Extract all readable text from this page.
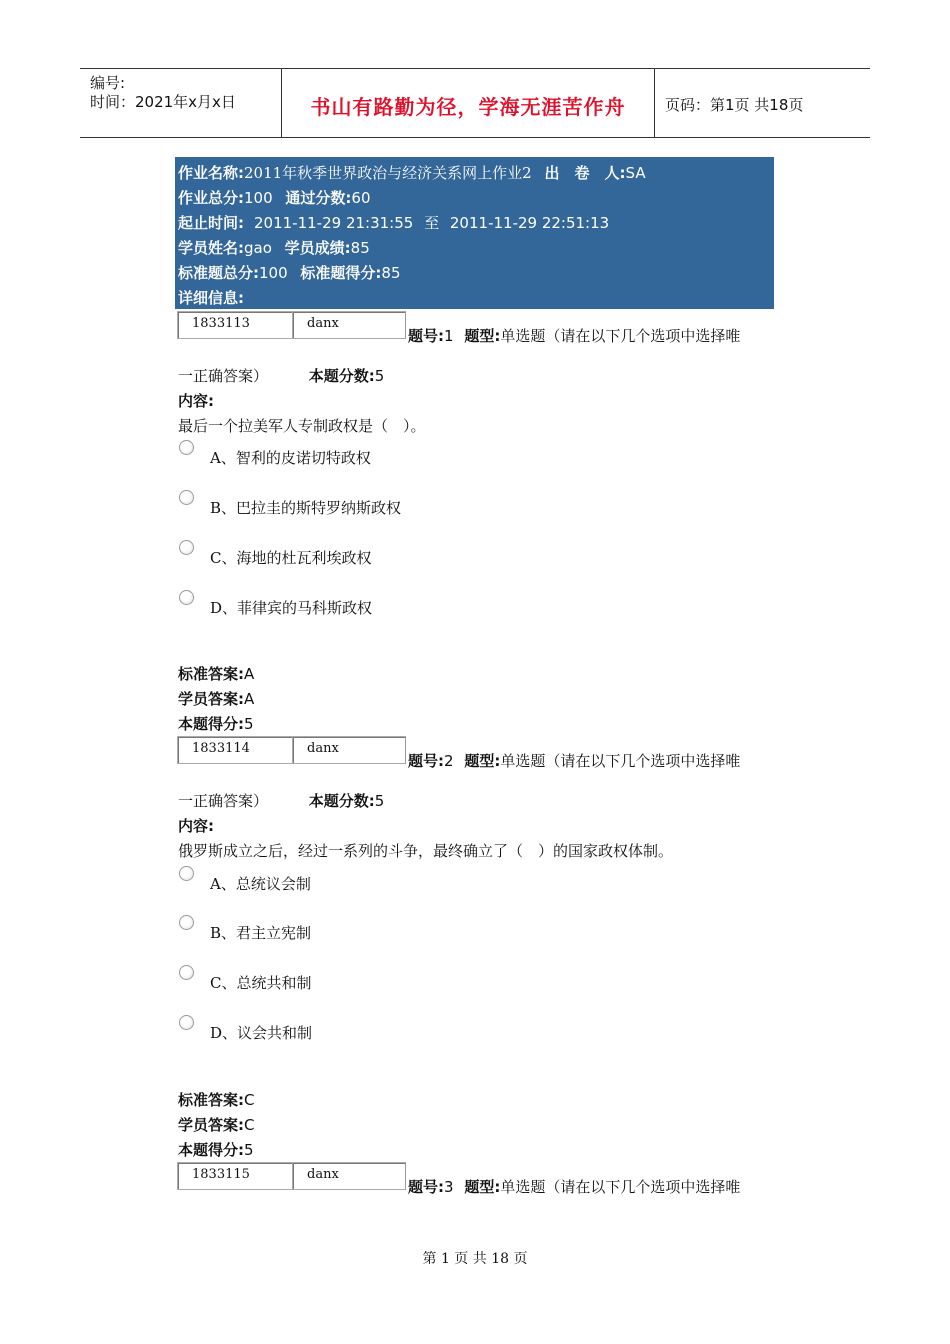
编号:
时间：2021年x月x日	书山有路勤为径，学海无涯苦作舟	页码：第1页 共18页
作业名称:2011年秋季世界政治与经济关系网上作业2 出　卷　人:SA
作业总分:100 通过分数:60
起止时间: 2011-11-29 21:31:55 至 2011-11-29 22:51:13
学员姓名:gao 学员成绩:85
标准题总分:100 标准题得分:85
详细信息:
1833113	danx
题号:1 题型:单选题（请在以下几个选项中选择唯
一正确答案）	本题分数:5
内容:
最后一个拉美军人专制政权是（　）。
A、智利的皮诺切特政权
B、巴拉圭的斯特罗纳斯政权
C、海地的杜瓦利埃政权
D、菲律宾的马科斯政权
标准答案:A
学员答案:A
本题得分:5
1833114	danx
题号:2 题型:单选题（请在以下几个选项中选择唯
一正确答案）	本题分数:5
内容:
俄罗斯成立之后，经过一系列的斗争，最终确立了（　）的国家政权体制。
A、总统议会制
B、君主立宪制
C、总统共和制
D、议会共和制
标准答案:C
学员答案:C
本题得分:5
1833115	danx
题号:3 题型:单选题（请在以下几个选项中选择唯
第 1 页 共 18 页
